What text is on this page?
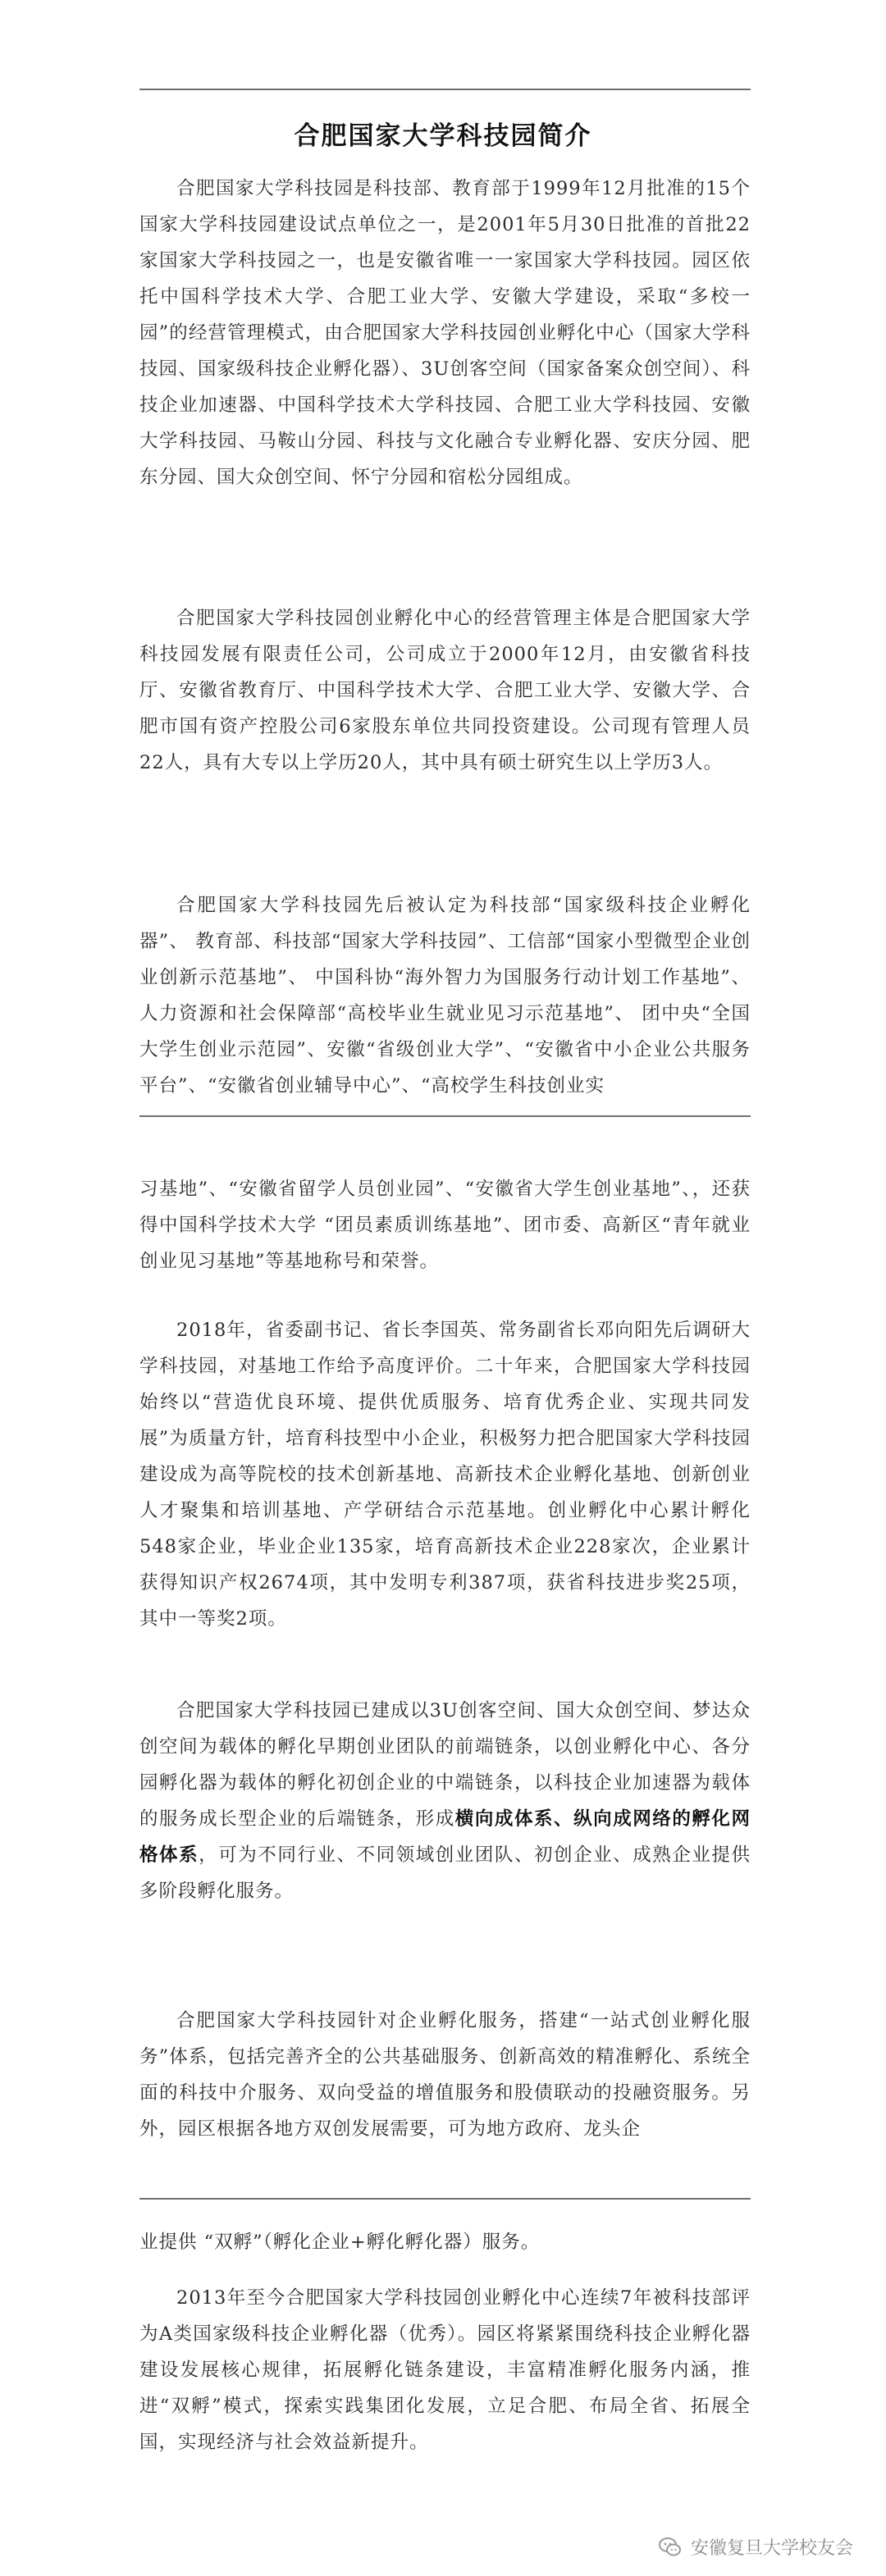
合肥国家大学科技园简介

合肥国家大学科技园是科技部、教育部于1999年12月批准的15个国家大学科技园建设试点单位之一，是2001年5月30日批准的首批22家国家大学科技园之一，也是安徽省唯一一家国家大学科技园。园区依托中国科学技术大学、合肥工业大学、安徽大学建设，采取“多校一园”的经营管理模式，由合肥国家大学科技园创业孵化中心（国家大学科技园、国家级科技企业孵化器）、3U创客空间（国家备案众创空间）、科技企业加速器、中国科学技术大学科技园、合肥工业大学科技园、安徽大学科技园、马鞍山分园、科技与文化融合专业孵化器、安庆分园、肥东分园、国大众创空间、怀宁分园和宿松分园组成。

合肥国家大学科技园创业孵化中心的经营管理主体是合肥国家大学科技园发展有限责任公司，公司成立于2000年12月，由安徽省科技厅、安徽省教育厅、中国科学技术大学、合肥工业大学、安徽大学、合肥市国有资产控股公司6家股东单位共同投资建设。公司现有管理人员22人，具有大专以上学历20人，其中具有硕士研究生以上学历3人。

合肥国家大学科技园先后被认定为科技部“国家级科技企业孵化器”、 教育部、科技部“国家大学科技园”、工信部“国家小型微型企业创业创新示范基地”、 中国科协“海外智力为国服务行动计划工作基地”、人力资源和社会保障部“高校毕业生就业见习示范基地”、 团中央“全国大学生创业示范园”、安徽“省级创业大学”、“安徽省中小企业公共服务平台”、“安徽省创业辅导中心”、“高校学生科技创业实

习基地”、“安徽省留学人员创业园”、“安徽省大学生创业基地”、，还获得中国科学技术大学 “团员素质训练基地”、团市委、高新区“青年就业创业见习基地”等基地称号和荣誉。

2018年，省委副书记、省长李国英、常务副省长邓向阳先后调研大学科技园，对基地工作给予高度评价。二十年来，合肥国家大学科技园始终以“营造优良环境、提供优质服务、培育优秀企业、实现共同发展”为质量方针，培育科技型中小企业，积极努力把合肥国家大学科技园建设成为高等院校的技术创新基地、高新技术企业孵化基地、创新创业人才聚集和培训基地、产学研结合示范基地。创业孵化中心累计孵化548家企业，毕业企业135家，培育高新技术企业228家次，企业累计获得知识产权2674项，其中发明专利387项，获省科技进步奖25项，其中一等奖2项。

合肥国家大学科技园已建成以3U创客空间、国大众创空间、梦达众创空间为载体的孵化早期创业团队的前端链条，以创业孵化中心、各分园孵化器为载体的孵化初创企业的中端链条，以科技企业加速器为载体的服务成长型企业的后端链条，形成横向成体系、纵向成网络的孵化网格体系，可为不同行业、不同领域创业团队、初创企业、成熟企业提供多阶段孵化服务。

合肥国家大学科技园针对企业孵化服务，搭建“一站式创业孵化服务”体系，包括完善齐全的公共基础服务、创新高效的精准孵化、系统全面的科技中介服务、双向受益的增值服务和股债联动的投融资服务。另外，园区根据各地方双创发展需要，可为地方政府、龙头企

业提供 “双孵”（孵化企业+孵化孵化器）服务。

2013年至今合肥国家大学科技园创业孵化中心连续7年被科技部评为A类国家级科技企业孵化器（优秀）。园区将紧紧围绕科技企业孵化器建设发展核心规律，拓展孵化链条建设，丰富精准孵化服务内涵，推进“双孵”模式，探索实践集团化发展，立足合肥、布局全省、拓展全国，实现经济与社会效益新提升。

安徽复旦大学校友会
